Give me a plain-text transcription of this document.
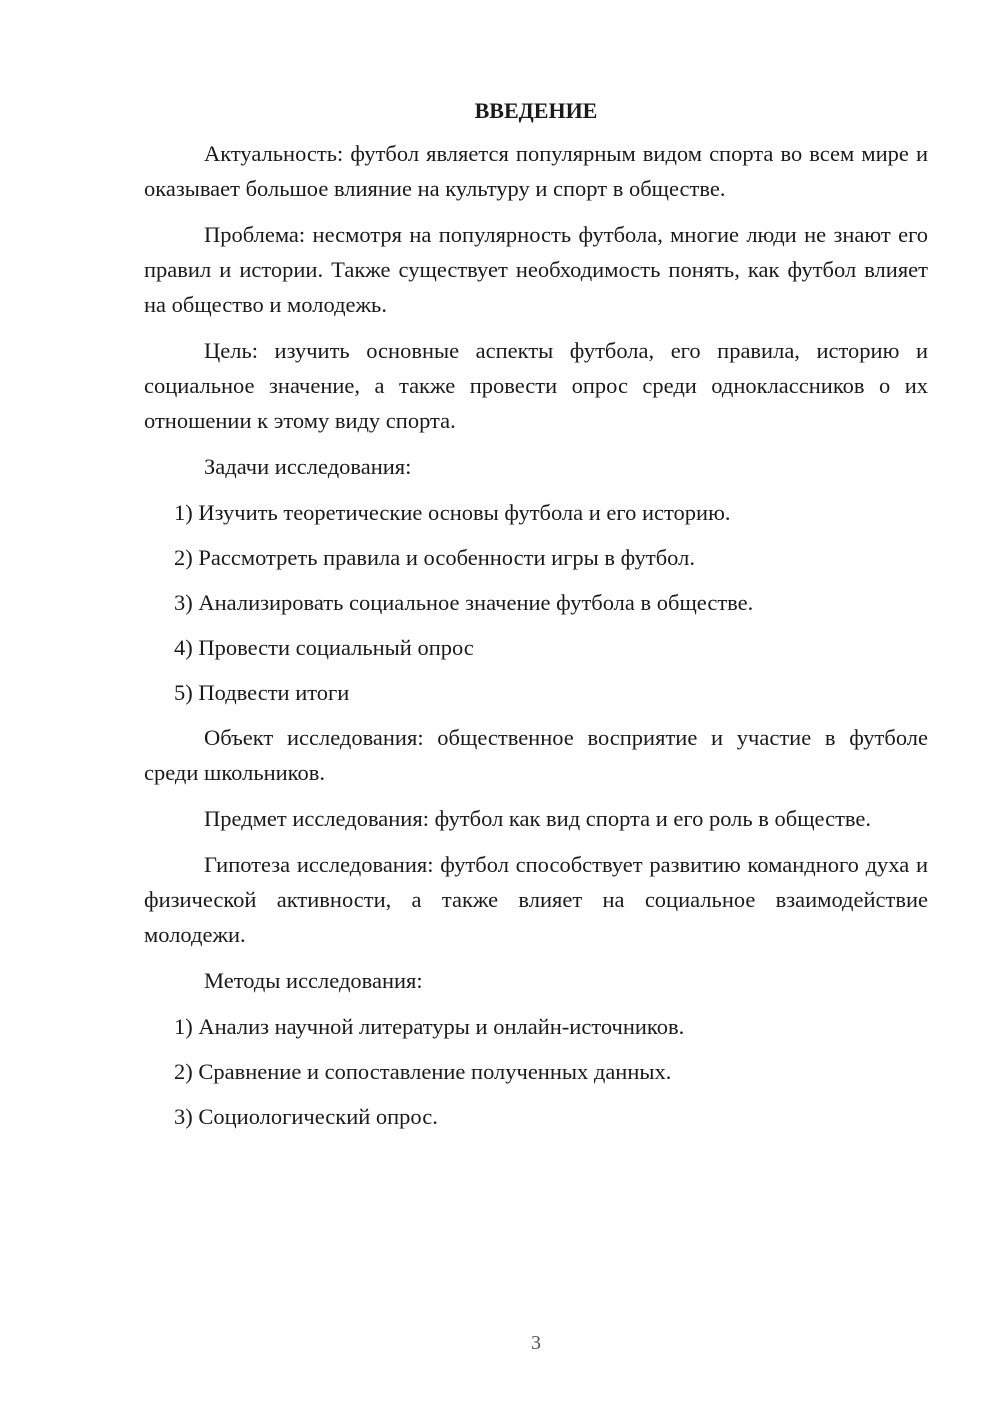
ВВЕДЕНИЕ

Актуальность: футбол является популярным видом спорта во всем мире и оказывает большое влияние на культуру и спорт в обществе.

Проблема: несмотря на популярность футбола, многие люди не знают его правил и истории. Также существует необходимость понять, как футбол влияет на общество и молодежь.

Цель: изучить основные аспекты футбола, его правила, историю и социальное значение, а также провести опрос среди одноклассников о их отношении к этому виду спорта.

Задачи исследования:

1) Изучить теоретические основы футбола и его историю.

2) Рассмотреть правила и особенности игры в футбол.

3) Анализировать социальное значение футбола в обществе.

4) Провести социальный опрос

5) Подвести итоги

Объект исследования: общественное восприятие и участие в футболе среди школьников.

Предмет исследования: футбол как вид спорта и его роль в обществе.

Гипотеза исследования: футбол способствует развитию командного духа и физической активности, а также влияет на социальное взаимодействие молодежи.

Методы исследования:

1) Анализ научной литературы и онлайн-источников.

2) Сравнение и сопоставление полученных данных.

3) Социологический опрос.

3
